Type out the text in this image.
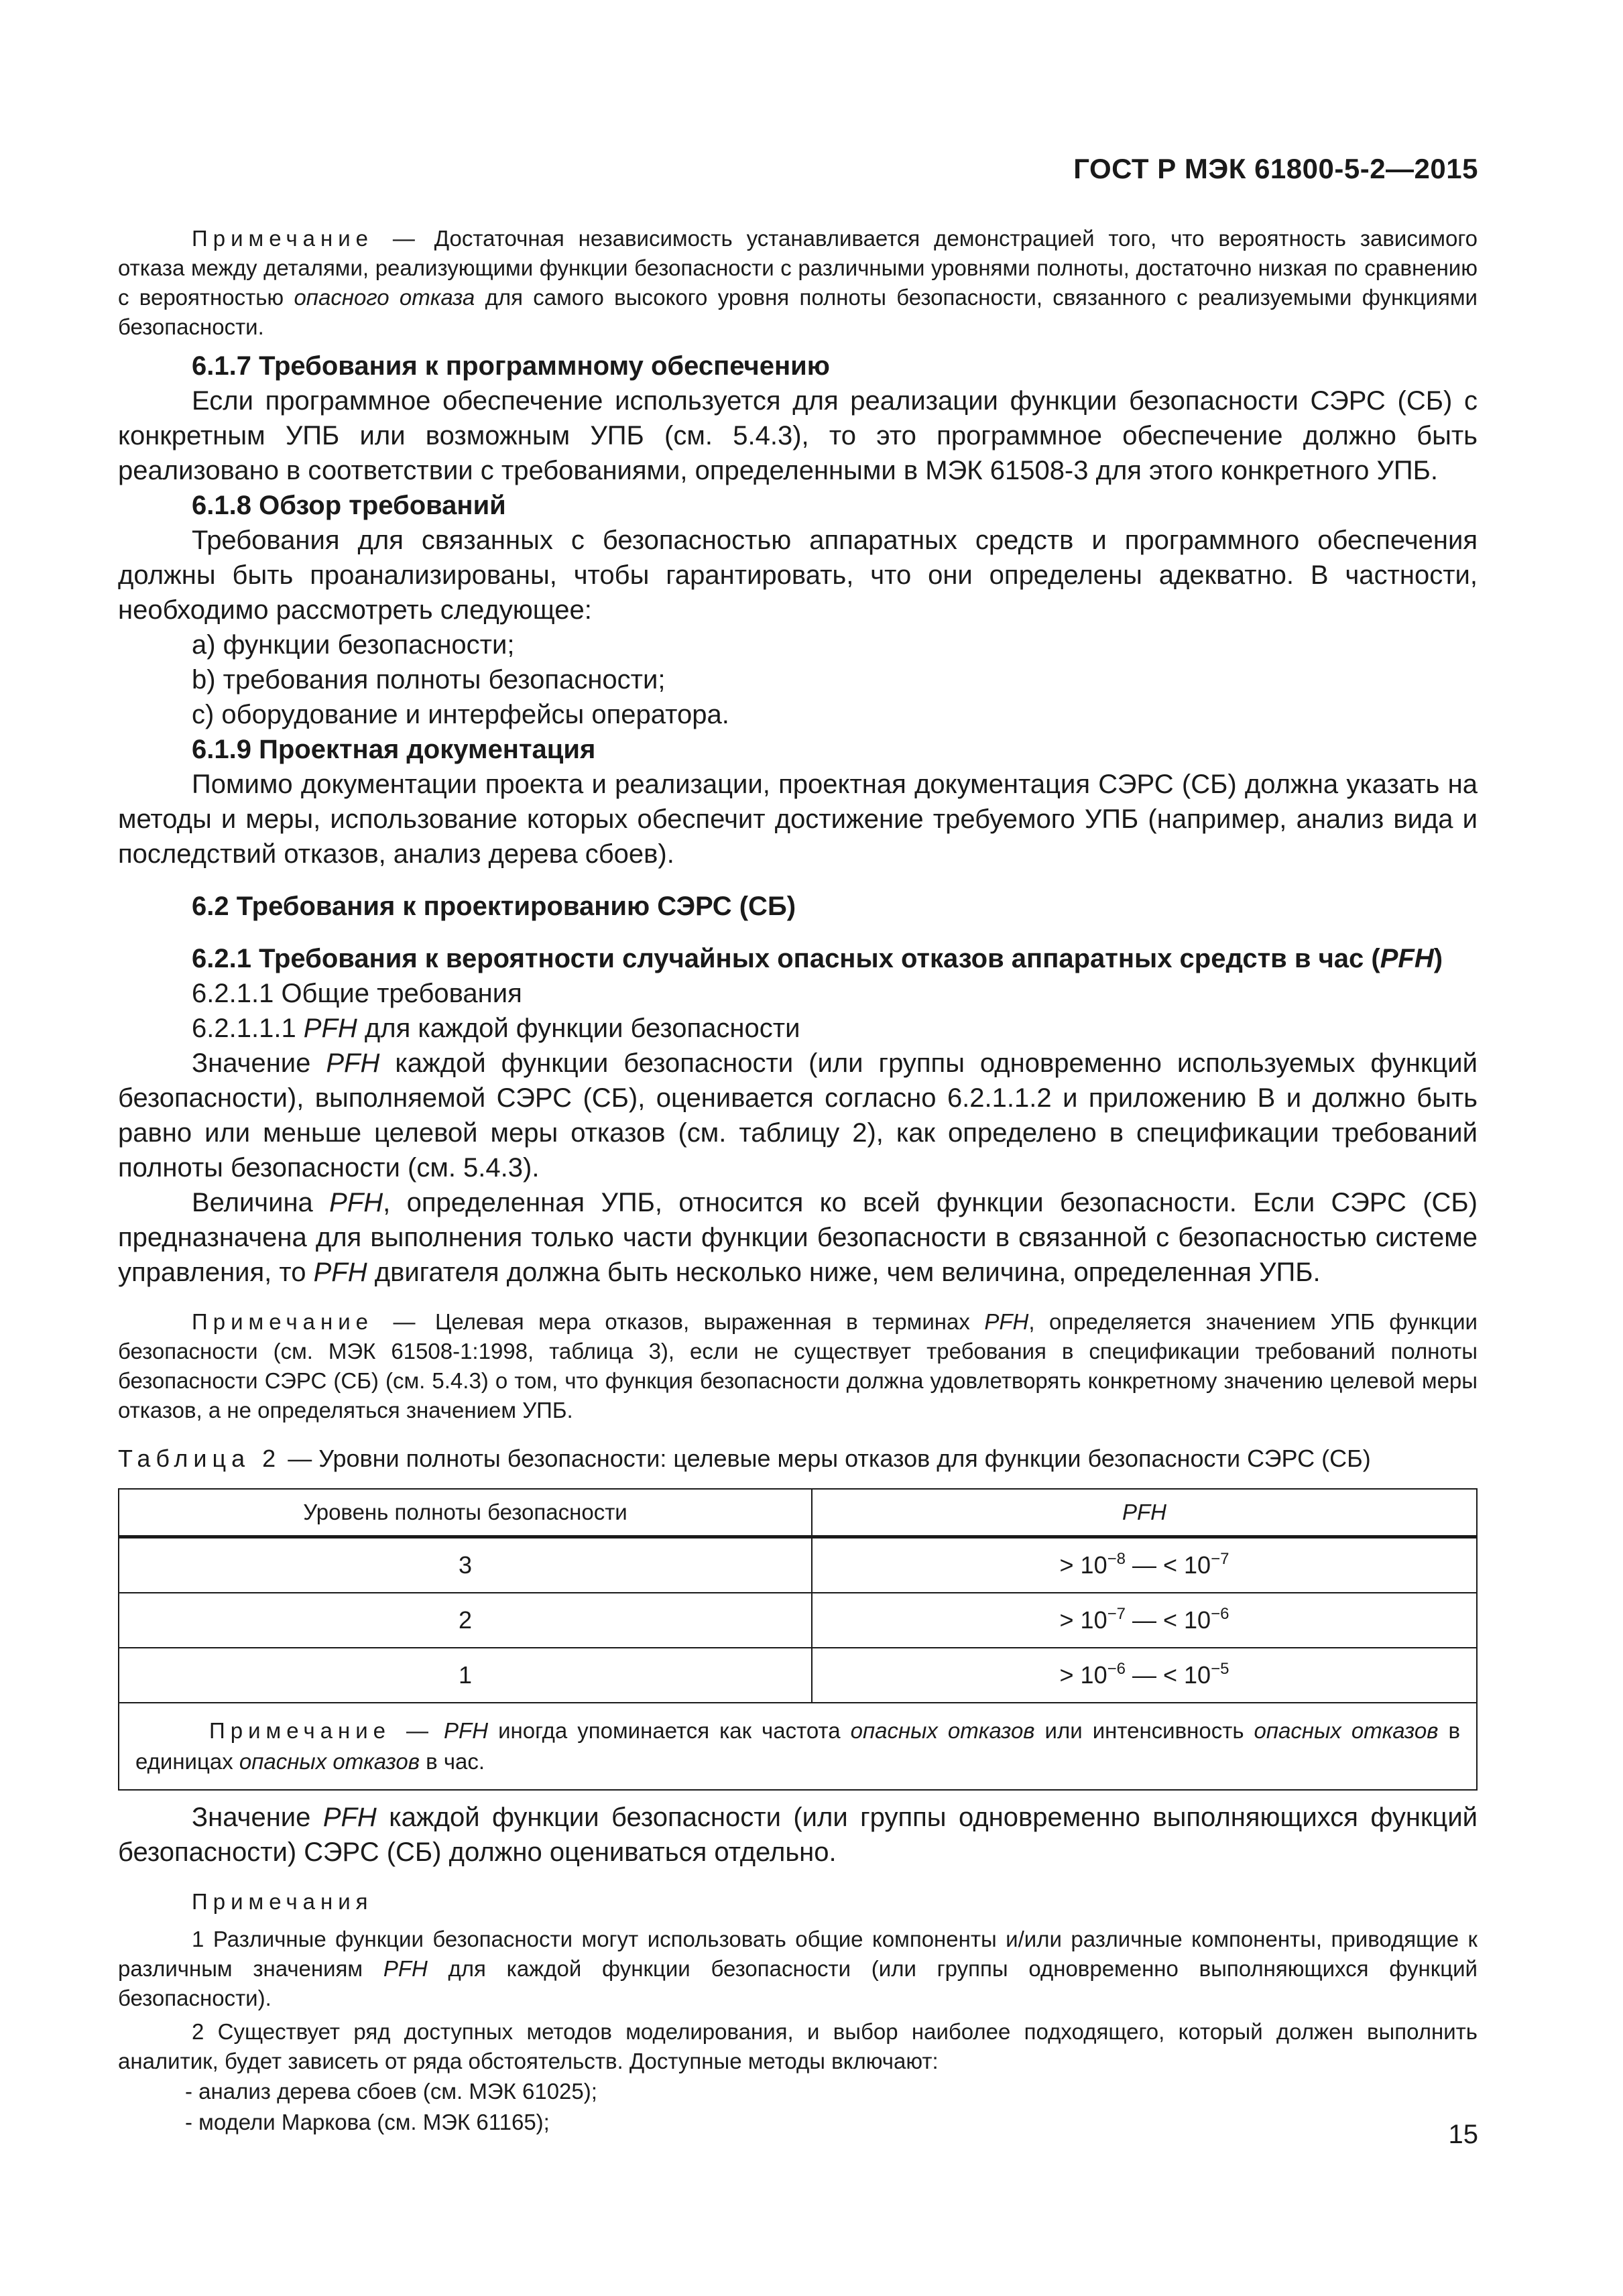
ГОСТ Р МЭК 61800-5-2—2015

Примечание — Достаточная независимость устанавливается демонстрацией того, что вероятность зависимого отказа между деталями, реализующими функции безопасности с различными уровнями полноты, достаточно низкая по сравнению с вероятностью опасного отказа для самого высокого уровня полноты безопасности, связанного с реализуемыми функциями безопасности.

6.1.7 Требования к программному обеспечению

Если программное обеспечение используется для реализации функции безопасности СЭРС (СБ) с конкретным УПБ или возможным УПБ (см. 5.4.3), то это программное обеспечение должно быть реализовано в соответствии с требованиями, определенными в МЭК 61508-3 для этого конкретного УПБ.

6.1.8 Обзор требований

Требования для связанных с безопасностью аппаратных средств и программного обеспечения должны быть проанализированы, чтобы гарантировать, что они определены адекватно. В частности, необходимо рассмотреть следующее:

a) функции безопасности;

b) требования полноты безопасности;

c) оборудование и интерфейсы оператора.

6.1.9 Проектная документация

Помимо документации проекта и реализации, проектная документация СЭРС (СБ) должна указать на методы и меры, использование которых обеспечит достижение требуемого УПБ (например, анализ вида и последствий отказов, анализ дерева сбоев).

6.2 Требования к проектированию СЭРС (СБ)

6.2.1 Требования к вероятности случайных опасных отказов аппаратных средств в час (PFH)

6.2.1.1 Общие требования

6.2.1.1.1 PFH для каждой функции безопасности

Значение PFH каждой функции безопасности (или группы одновременно используемых функций безопасности), выполняемой СЭРС (СБ), оценивается согласно 6.2.1.1.2 и приложению B и должно быть равно или меньше целевой меры отказов (см. таблицу 2), как определено в спецификации требований полноты безопасности (см. 5.4.3).

Величина PFH, определенная УПБ, относится ко всей функции безопасности. Если СЭРС (СБ) предназначена для выполнения только части функции безопасности в связанной с безопасностью системе управления, то PFH двигателя должна быть несколько ниже, чем величина, определенная УПБ.

Примечание — Целевая мера отказов, выраженная в терминах PFH, определяется значением УПБ функции безопасности (см. МЭК 61508-1:1998, таблица 3), если не существует требования в спецификации требований полноты безопасности СЭРС (СБ) (см. 5.4.3) о том, что функция безопасности должна удовлетворять конкретному значению целевой меры отказов, а не определяться значением УПБ.

Таблица 2 — Уровни полноты безопасности: целевые меры отказов для функции безопасности СЭРС (СБ)

Уровень полноты безопасности	PFH
3	> $10^{-8}$ — < $10^{-7}$
2	> $10^{-7}$ — < $10^{-6}$
1	> $10^{-6}$ — < $10^{-5}$
Примечание — PFH иногда упоминается как частота опасных отказов или интенсивность опасных отказов в единицах опасных отказов в час.	

Значение PFH каждой функции безопасности (или группы одновременно выполняющихся функций безопасности) СЭРС (СБ) должно оцениваться отдельно.

Примечания

1 Различные функции безопасности могут использовать общие компоненты и/или различные компоненты, приводящие к различным значениям PFH для каждой функции безопасности (или группы одновременно выполняющихся функций безопасности).

2 Существует ряд доступных методов моделирования, и выбор наиболее подходящего, который должен выполнить аналитик, будет зависеть от ряда обстоятельств. Доступные методы включают:

- анализ дерева сбоев (см. МЭК 61025);

- модели Маркова (см. МЭК 61165);	15
